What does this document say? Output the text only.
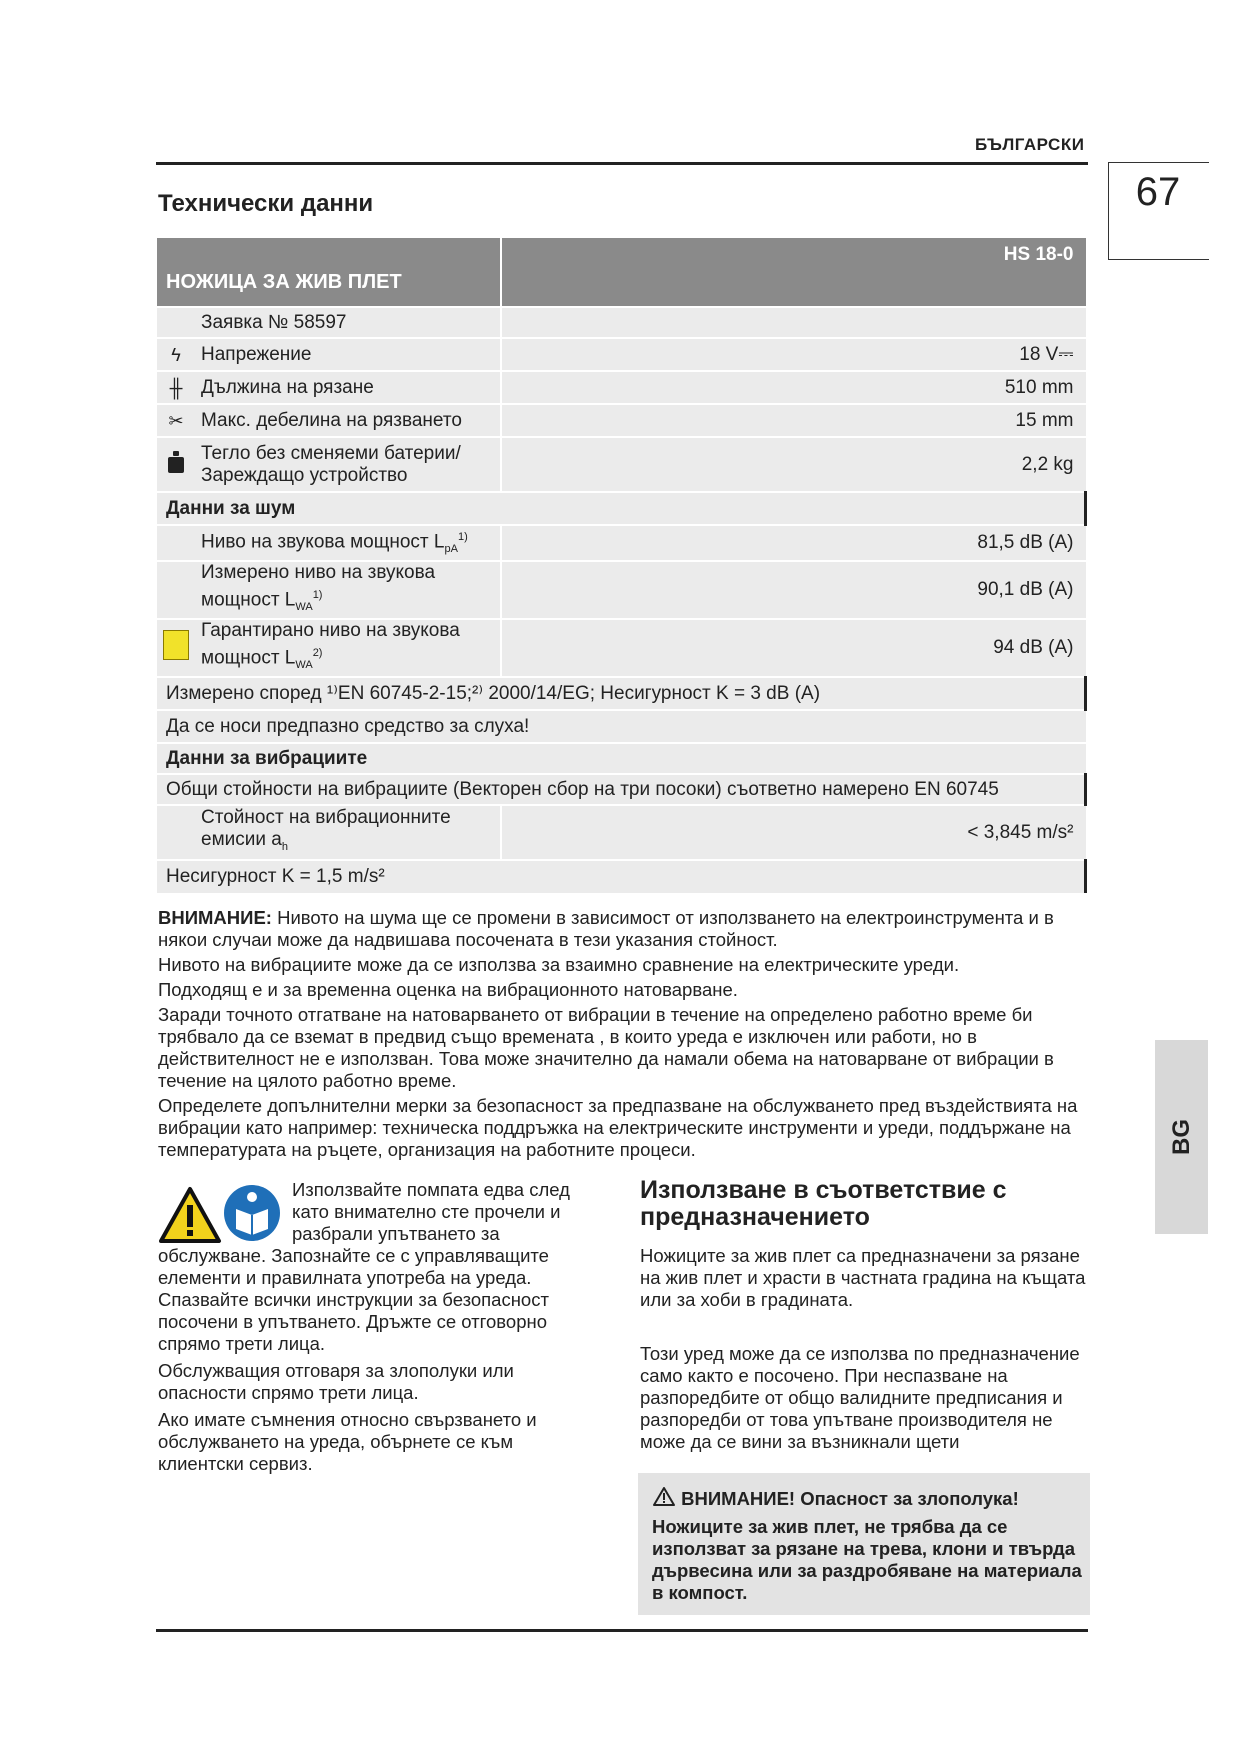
БЪЛГАРСКИ
67
BG
Технически данни
НОЖИЦА ЗА ЖИВ ПЛЕТ		HS 18-0
	Заявка № 58597	
ϟ	Напрежение	18 V⎓
╫	Дължина на рязане	510 mm
✂	Макс. дебелина на рязването	15 mm
	Тегло без сменяеми батерии/ Зареждащо устройство	2,2 kg
Данни за шум		
	Ниво на звукова мощност $L_{pA}^{1)}$	81,5 dB (A)
	Измерено ниво на звукова мощност $L_{WA}^{1)}$	90,1 dB (A)
	Гарантирано ниво на звукова мощност $L_{WA}^{2)}$	94 dB (A)
Измерено според ¹⁾EN 60745-2-15;²⁾ 2000/14/EG; Несигурност K = 3 dB (A)		
Да се носи предпазно средство за слуха!		
Данни за вибрациите		
Общи стойности на вибрациите (Векторен сбор на три посоки) съответно намерено EN 60745		
	Стойност на вибрационните емисии $a_h$	< 3,845 m/s²
Несигурност K = 1,5 m/s²		

ВНИМАНИЕ: Нивото на шума ще се промени в зависимост от използването на електроинструмента и в някои случаи може да надвишава посочената в тези указания стойност.

Нивото на вибрациите може да се използва за взаимно сравнение на електрическите уреди.

Подходящ е и за временна оценка на вибрационното натоварване.

Заради точното отгатване на натоварването от вибрации в течение на определено работно време би трябвало да се вземат в предвид също времената , в които уреда е изключен или работи, но в действителност не е използван. Това може значително да намали обема на натоварване от вибрации в течение на цялото работно време.

Определете допълнителни мерки за безопасност за предпазване на обслужването пред въздействията на вибрации като например: техническа поддръжка на електрическите инструменти и уреди, поддържане на температурата на ръцете, организация на работните процеси.

Използвайте помпата едва след като внимателно сте прочели и разбрали упътването за

обслужване. Запознайте се с управляващите елементи и правилната употреба на уреда. Спазвайте всички инструкции за безопасност посочени в упътването. Дръжте се отговорно спрямо трети лица.

Обслужващия отговаря за злополуки или опасности спрямо трети лица.

Ако имате съмнения относно свързването и обслужването на уреда, обърнете се към клиентски сервиз.

Използване в съответствие с предназначението

Ножиците за жив плет са предназначени за рязане на жив плет и храсти в частната градина на къщата или за хоби в градината.

Този уред може да се използва по предназначение само както е посочено. При неспазване на разпоредбите от общо валидните предписания и разпоредби от това упътване производителя не може да се вини за възникнали щети

ВНИМАНИЕ! Опасност за злополука!
Ножиците за жив плет, не трябва да се използват за рязане на трева, клони и твърда дървесина или за раздробяване на материала в компост.
